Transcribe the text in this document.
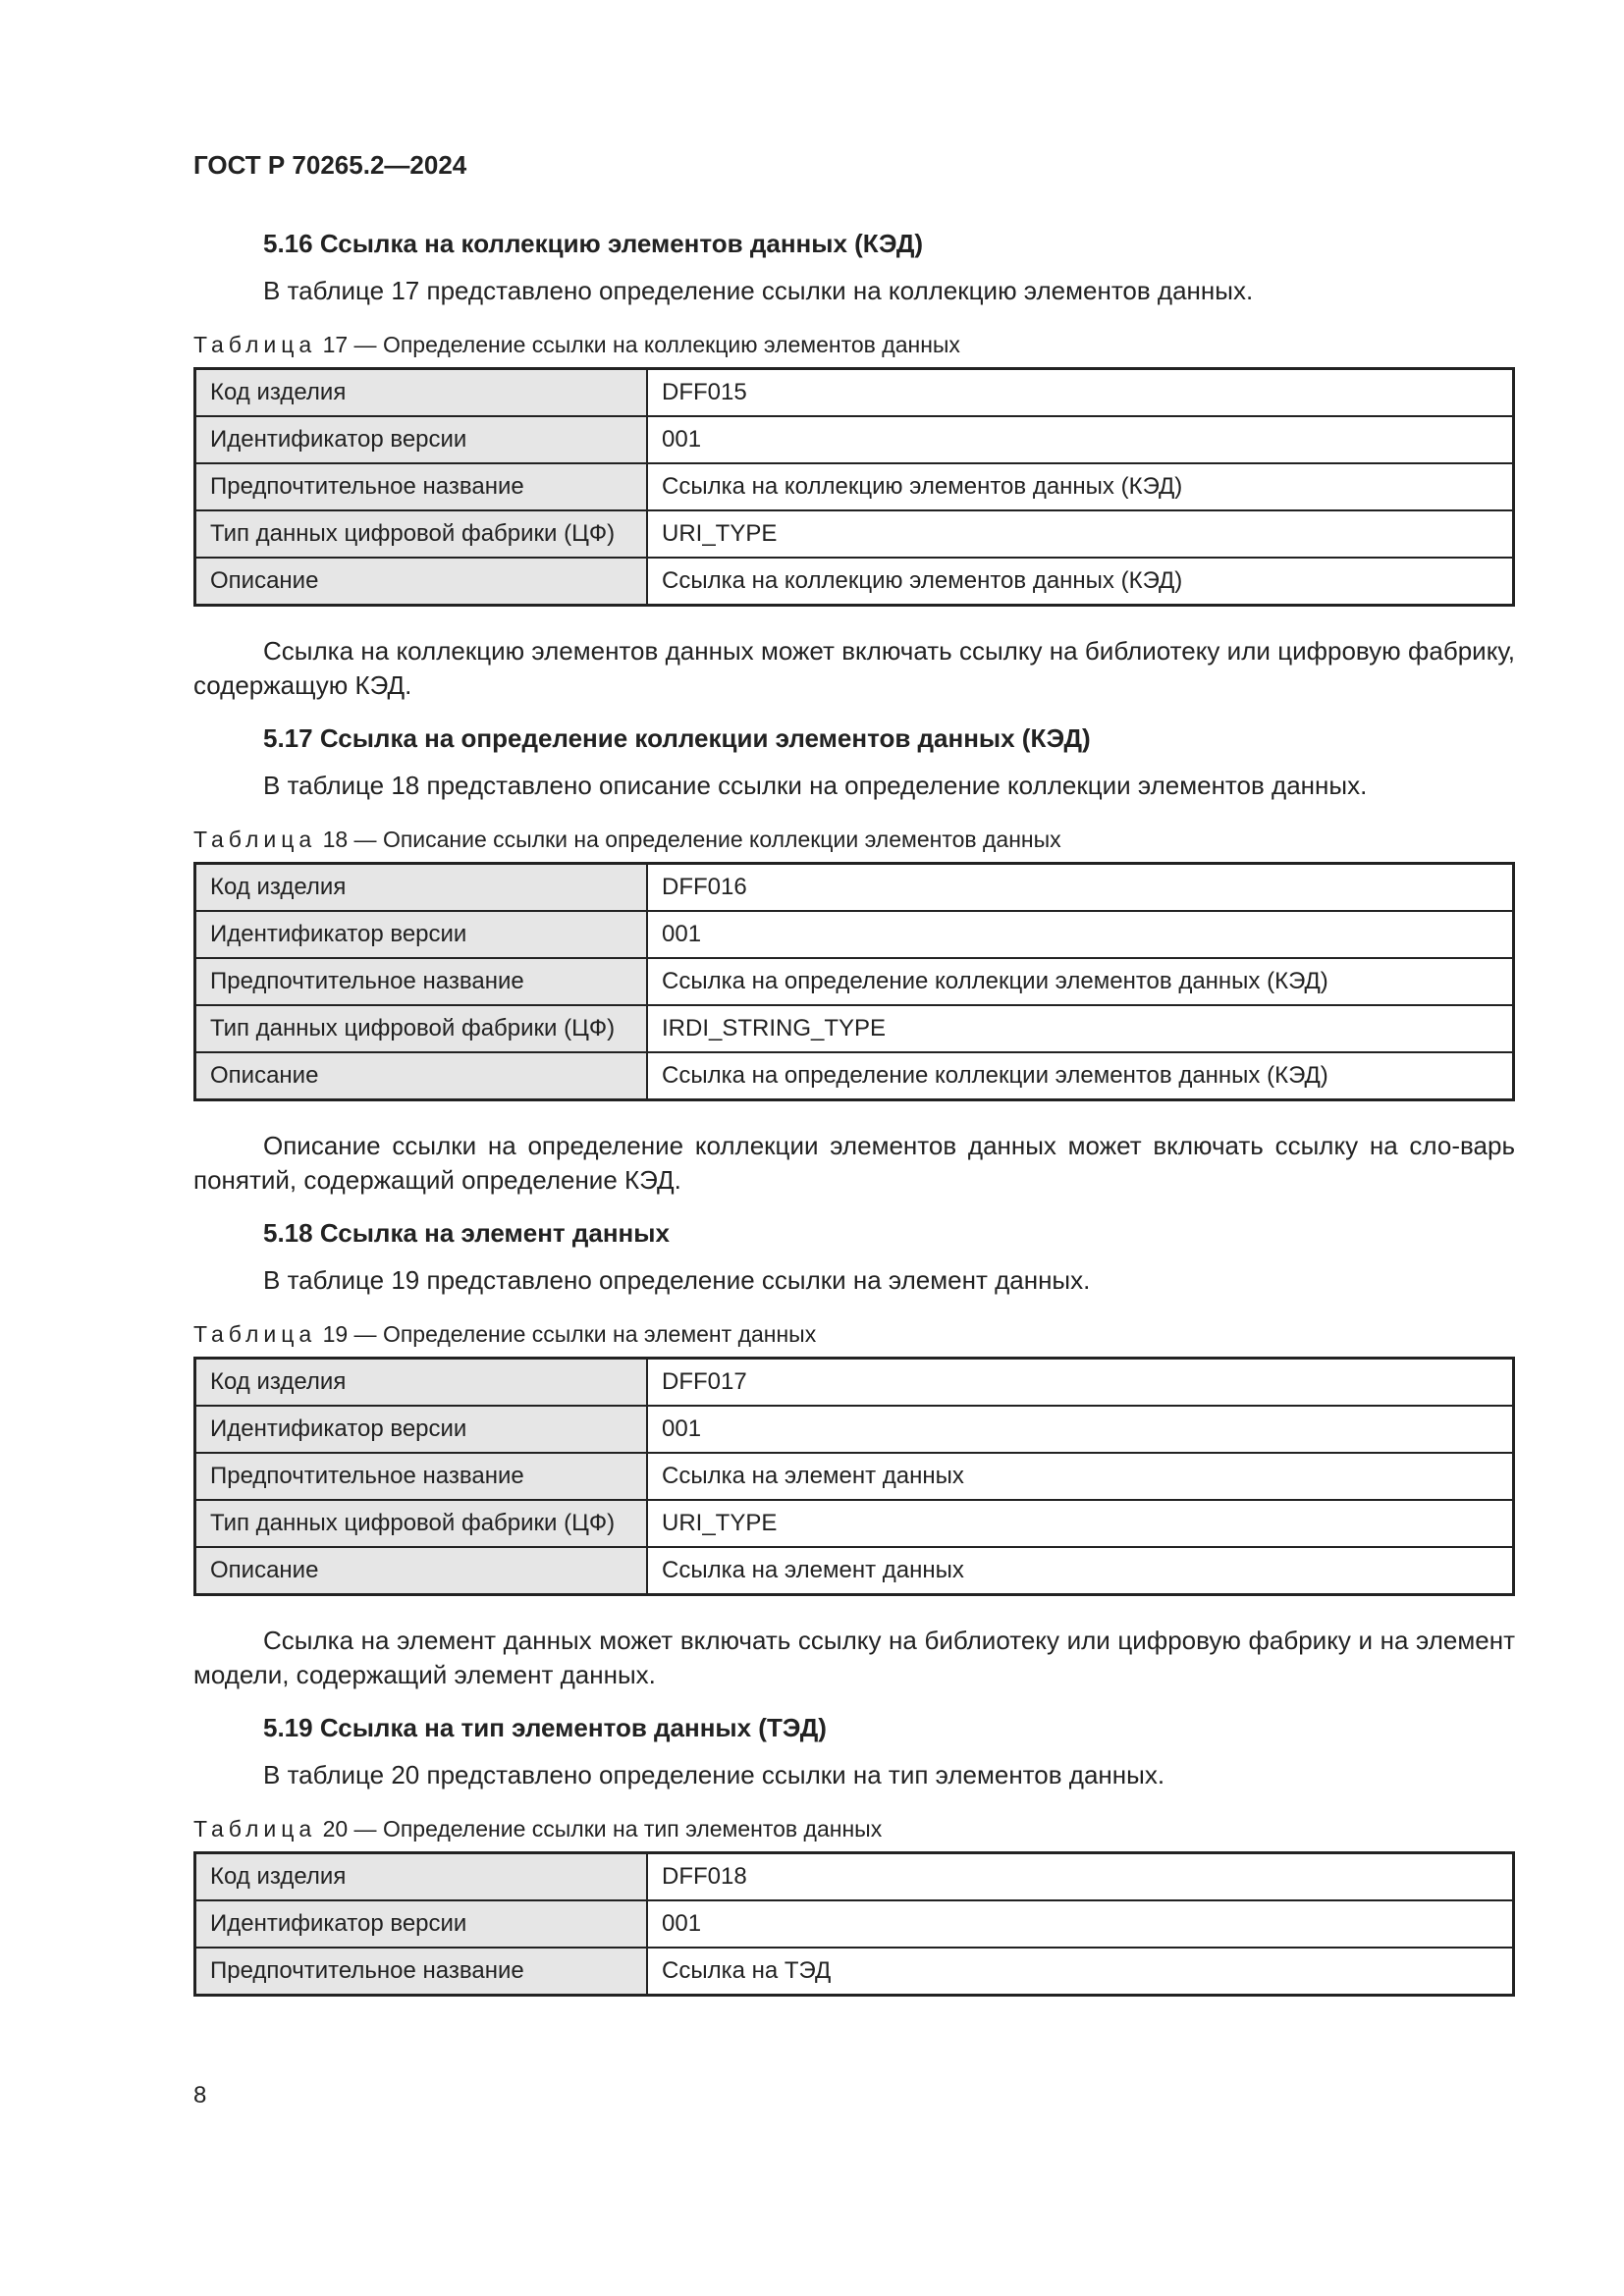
ГОСТ Р 70265.2—2024
5.16 Ссылка на коллекцию элементов данных (КЭД)
В таблице 17 представлено определение ссылки на коллекцию элементов данных.
Таблица 17 — Определение ссылки на коллекцию элементов данных
Код изделия	DFF015
Идентификатор версии	001
Предпочтительное название	Ссылка на коллекцию элементов данных (КЭД)
Тип данных цифровой фабрики (ЦФ)	URI_TYPE
Описание	Ссылка на коллекцию элементов данных (КЭД)
Ссылка на коллекцию элементов данных может включать ссылку на библиотеку или цифровую фабрику, содержащую КЭД.
5.17 Ссылка на определение коллекции элементов данных (КЭД)
В таблице 18 представлено описание ссылки на определение коллекции элементов данных.
Таблица 18 — Описание ссылки на определение коллекции элементов данных
Код изделия	DFF016
Идентификатор версии	001
Предпочтительное название	Ссылка на определение коллекции элементов данных (КЭД)
Тип данных цифровой фабрики (ЦФ)	IRDI_STRING_TYPE
Описание	Ссылка на определение коллекции элементов данных (КЭД)
Описание ссылки на определение коллекции элементов данных может включать ссылку на сло-варь понятий, содержащий определение КЭД.
5.18 Ссылка на элемент данных
В таблице 19 представлено определение ссылки на элемент данных.
Таблица 19 — Определение ссылки на элемент данных
Код изделия	DFF017
Идентификатор версии	001
Предпочтительное название	Ссылка на элемент данных
Тип данных цифровой фабрики (ЦФ)	URI_TYPE
Описание	Ссылка на элемент данных
Ссылка на элемент данных может включать ссылку на библиотеку или цифровую фабрику и на элемент модели, содержащий элемент данных.
5.19 Ссылка на тип элементов данных (ТЭД)
В таблице 20 представлено определение ссылки на тип элементов данных.
Таблица 20 — Определение ссылки на тип элементов данных
Код изделия	DFF018
Идентификатор версии	001
Предпочтительное название	Ссылка на ТЭД
8
